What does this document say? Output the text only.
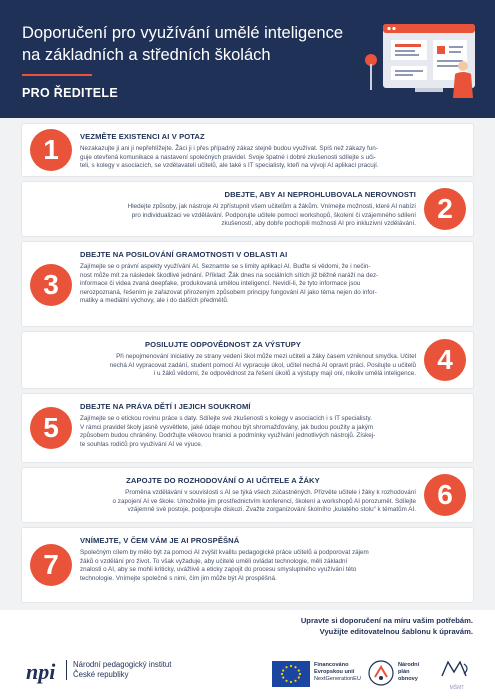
Doporučení pro využívání umělé inteligence
na základních a středních školách
PRO ŘEDITELE
1	VEZMĚTE EXISTENCI AI V POTAZ

Nezakazujte ji ani ji nepřehlížejte. Žáci ji i přes případný zákaz stejně budou využívat. Spíš než zákazy fun-
guje otevřená komunikace a nastavení společných pravidel. Svoje špatné i dobré zkušenosti sdílejte s uči-
teli, s kolegy v asociacích, se vzdělavateli učitelů, ale také s IT specialisty, kteří na vývoji AI aplikací pracují.

DBEJTE, ABY AI NEPROHLUBOVALA NEROVNOSTI

Hledejte způsoby, jak nástroje AI zpřístupnit všem učitelům a žákům. Vnímejte možnosti, které AI nabízí
pro individualizaci ve vzdělávání. Podporujte učitele pomocí workshopů, školení či vzájemného sdílení
zkušeností, aby dobře pochopili možnosti AI pro inkluzivní vzdělávání. 2
3

DBEJTE NA POSILOVÁNÍ GRAMOTNOSTI V OBLASTI AI

Zajímejte se o právní aspekty využívání AI. Seznamte se s limity aplikací AI. Buďte si vědomi, že i nečin-
nost může mít za následek škodlivé jednání. Příklad: Žák dnes na sociálních sítích již běžně naráží na dez-
informace či videa zvaná deepfake, produkovaná umělou inteligencí. Nevidí-li, že tyto informace jsou
nerozpoznaná, řešením je zařazovat přirozeným způsobem principy fungování AI jako téma nejen do infor-
matiky a mediální výchovy, ale i do dalších předmětů.

POSILUJTE ODPOVĚDNOST ZA VÝSTUPY

Při nepojmenování iniciativy ze strany vedení škol může mezi učiteli a žáky časem vzniknout smyčka. Učitel
nechá AI vypracovat zadání, student pomocí AI vypracuje úkol, učitel nechá AI opravit práci. Posilujte u učitelů
i u žáků vědomí, že odpovědnost za řešení úkolů a výstupy mají oni, nikoliv umělá inteligence. 4
5

DBEJTE NA PRÁVA DĚTÍ I JEJICH SOUKROMÍ

Zajímejte se o etickou rovinu práce s daty. Sdílejte své zkušenosti s kolegy v asociacích i s IT specialisty.
V rámci pravidel školy jasně vysvětlete, jaké údaje mohou být shromažďovány, jak budou použity a jakým
způsobem budou chráněny. Dodržujte věkovou hranici a podmínky využívání jednotlivých nástrojů. Získej-
te souhlas rodičů pro využívání AI ve výuce.

ZAPOJTE DO ROZHODOVÁNÍ O AI UČITELE A ŽÁKY

Proměna vzdělávání v souvislosti s AI se týká všech zúčastněných. Přizvěte učitele i žáky k rozhodování
o zapojení AI ve škole. Umožněte jim prostřednictvím konferencí, školení a workshopů AI porozumět. Sdílejte
vzájemně své postoje, podporujte diskuzi. Zvažte zorganizování školního „kulatého stolu“ k tématům AI. 6
7

VNÍMEJTE, V ČEM VÁM JE AI PROSPĚŠNÁ

Společným cílem by mělo být za pomoci AI zvýšit kvalitu pedagogické práce učitelů a podporovat zájem
žáků o vzdělání pro život. To však vyžaduje, aby učitelé uměli ovládat technologie, měli základní
znalosti o AI, aby se mohli kriticky, uvážlivě a eticky zapojit do procesu smysluplného využívání této
technologie. Vnímejte společně s nimi, čím jim může být AI prospěšná.

Upravte si doporučení na míru vašim potřebám.
Využijte editovatelnou šablonu k úpravám.
npi Národní pedagogický institut
České republiky
Financováno
Evropskou unií
NextGenerationEU
Národní
plán
obnovy
MŠMT
